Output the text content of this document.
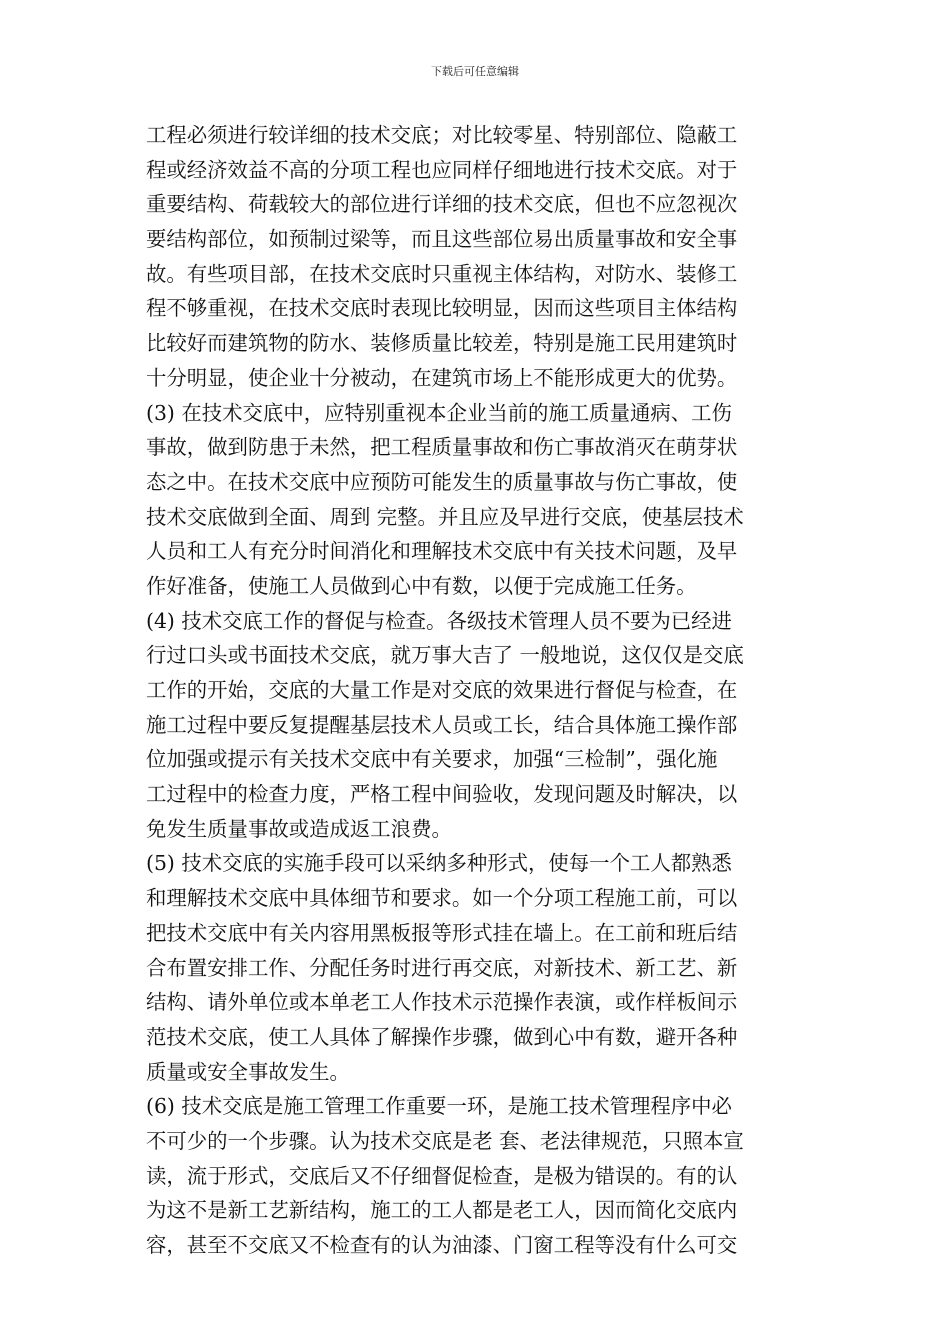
下载后可任意编辑
工程必须进行较详细的技术交底；对比较零星、特别部位、隐蔽工
程或经济效益不高的分项工程也应同样仔细地进行技术交底。对于
重要结构、荷载较大的部位进行详细的技术交底，但也不应忽视次
要结构部位，如预制过梁等，而且这些部位易出质量事故和安全事
故。有些项目部，在技术交底时只重视主体结构，对防水、装修工
程不够重视，在技术交底时表现比较明显，因而这些项目主体结构
比较好而建筑物的防水、装修质量比较差，特别是施工民用建筑时
十分明显，使企业十分被动，在建筑市场上不能形成更大的优势。
(3) 在技术交底中，应特别重视本企业当前的施工质量通病、工伤
事故，做到防患于未然，把工程质量事故和伤亡事故消灭在萌芽状
态之中。在技术交底中应预防可能发生的质量事故与伤亡事故，使
技术交底做到全面、周到 完整。并且应及早进行交底，使基层技术
人员和工人有充分时间消化和理解技术交底中有关技术问题，及早
作好准备，使施工人员做到心中有数，以便于完成施工任务。
(4) 技术交底工作的督促与检查。各级技术管理人员不要为已经进
行过口头或书面技术交底，就万事大吉了 一般地说，这仅仅是交底
工作的开始，交底的大量工作是对交底的效果进行督促与检查，在
施工过程中要反复提醒基层技术人员或工长，结合具体施工操作部
位加强或提示有关技术交底中有关要求，加强“三检制”，强化施
工过程中的检查力度，严格工程中间验收，发现问题及时解决，以
免发生质量事故或造成返工浪费。
(5) 技术交底的实施手段可以采纳多种形式，使每一个工人都熟悉
和理解技术交底中具体细节和要求。如一个分项工程施工前，可以
把技术交底中有关内容用黑板报等形式挂在墙上。在工前和班后结
合布置安排工作、分配任务时进行再交底，对新技术、新工艺、新
结构、请外单位或本单老工人作技术示范操作表演，或作样板间示
范技术交底，使工人具体了解操作步骤，做到心中有数，避开各种
质量或安全事故发生。
(6) 技术交底是施工管理工作重要一环，是施工技术管理程序中必
不可少的一个步骤。认为技术交底是老 套、老法律规范，只照本宣
读，流于形式，交底后又不仔细督促检查，是极为错误的。有的认
为这不是新工艺新结构，施工的工人都是老工人，因而简化交底内
容，甚至不交底又不检查有的认为油漆、门窗工程等没有什么可交
